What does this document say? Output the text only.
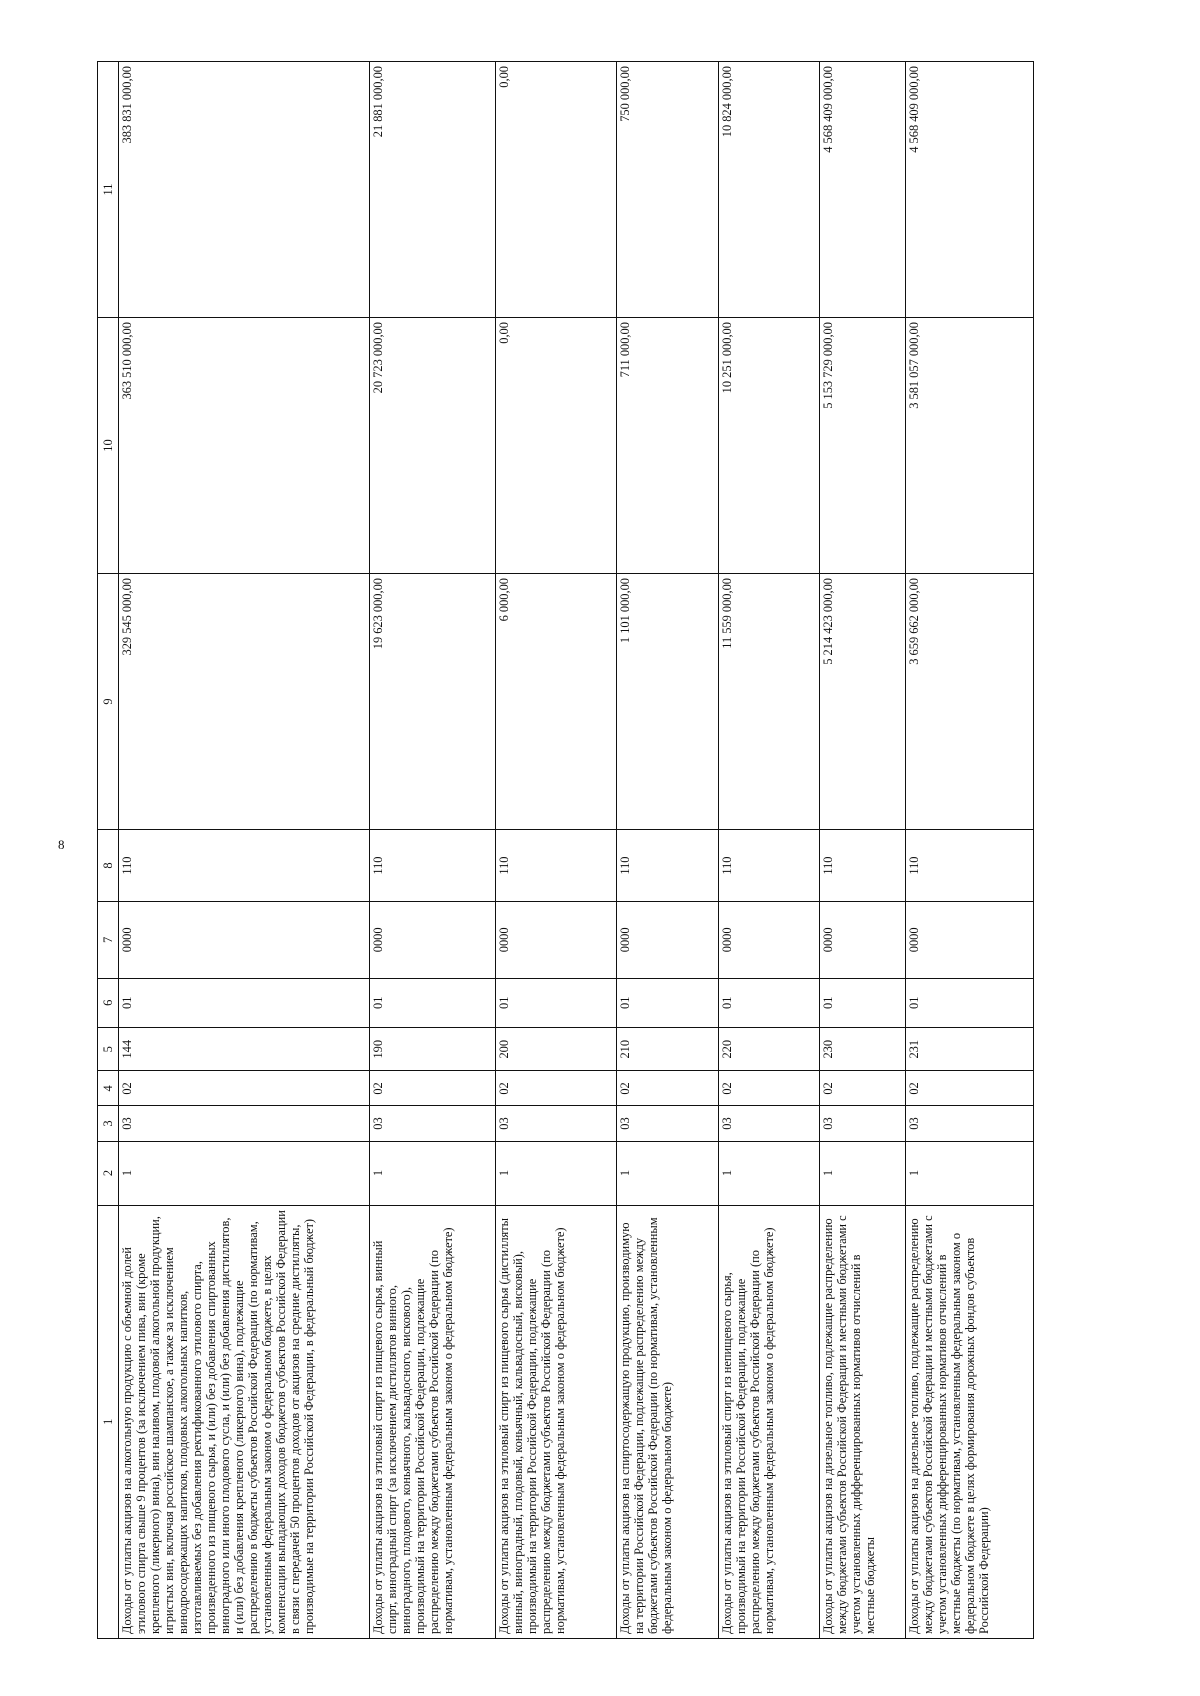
8
1	2	3	4	5	6	7	8	9	10	11
Доходы от уплаты акцизов на алкогольную продукцию с объемной долей этилового спирта свыше 9 процентов (за исключением пива, вин (кроме крепленого (ликерного) вина), вин наливом, плодовой алкогольной продукции, игристых вин, включая российское шампанское, а также за исключением винодросодержащих напитков, плодовых алкогольных напитков, изготавливаемых без добавления ректификованного этилового спирта, произведенного из пищевого сырья, и (или) без добавления спиртованных виноградного или иного плодового сусла, и (или) без добавления дистиллятов, и (или) без добавления крепленого (ликерного) вина), подлежащие распределению в бюджеты субъектов Российской Федерации (по нормативам, установленным федеральным законом о федеральном бюджете, в целях компенсации выпадающих доходов бюджетов субъектов Российской Федерации в связи с передачей 50 процентов доходов от акцизов на средние дистилляты, производимые на территории Российской Федерации, в федеральный бюджет)	1	03	02	144	01	0000	110	329 545 000,00	363 510 000,00	383 831 000,00
Доходы от уплаты акцизов на этиловый спирт из пищевого сырья, винный спирт, виноградный спирт (за исключением дистиллятов винного, виноградного, плодового, коньячного, кальвадосного, вискового), производимый на территории Российской Федерации, подлежащие распределению между бюджетами субъектов Российской Федерации (по нормативам, установленным федеральным законом о федеральном бюджете)	1	03	02	190	01	0000	110	19 623 000,00	20 723 000,00	21 881 000,00
Доходы от уплаты акцизов на этиловый спирт из пищевого сырья (дистилляты винный, виноградный, плодовый, коньячный, кальвадосный, висковый), производимый на территории Российской Федерации, подлежащие распределению между бюджетами субъектов Российской Федерации (по нормативам, установленным федеральным законом о федеральном бюджете)	1	03	02	200	01	0000	110	6 000,00	0,00	0,00
Доходы от уплаты акцизов на спиртосодержащую продукцию, производимую на территории Российской Федерации, подлежащие распределению между бюджетами субъектов Российской Федерации (по нормативам, установленным федеральным законом о федеральном бюджете)	1	03	02	210	01	0000	110	1 101 000,00	711 000,00	750 000,00
Доходы от уплаты акцизов на этиловый спирт из непищевого сырья, производимый на территории Российской Федерации, подлежащие распределению между бюджетами субъектов Российской Федерации (по нормативам, установленным федеральным законом о федеральном бюджете)	1	03	02	220	01	0000	110	11 559 000,00	10 251 000,00	10 824 000,00
Доходы от уплаты акцизов на дизельное топливо, подлежащие распределению между бюджетами субъектов Российской Федерации и местными бюджетами с учетом установленных дифференцированных нормативов отчислений в местные бюджеты	1	03	02	230	01	0000	110	5 214 423 000,00	5 153 729 000,00	4 568 409 000,00
Доходы от уплаты акцизов на дизельное топливо, подлежащие распределению между бюджетами субъектов Российской Федерации и местными бюджетами с учетом установленных дифференцированных нормативов отчислений в местные бюджеты (по нормативам, установленным федеральным законом о федеральном бюджете в целях формирования дорожных фондов субъектов Российской Федерации)	1	03	02	231	01	0000	110	3 659 662 000,00	3 581 057 000,00	4 568 409 000,00
